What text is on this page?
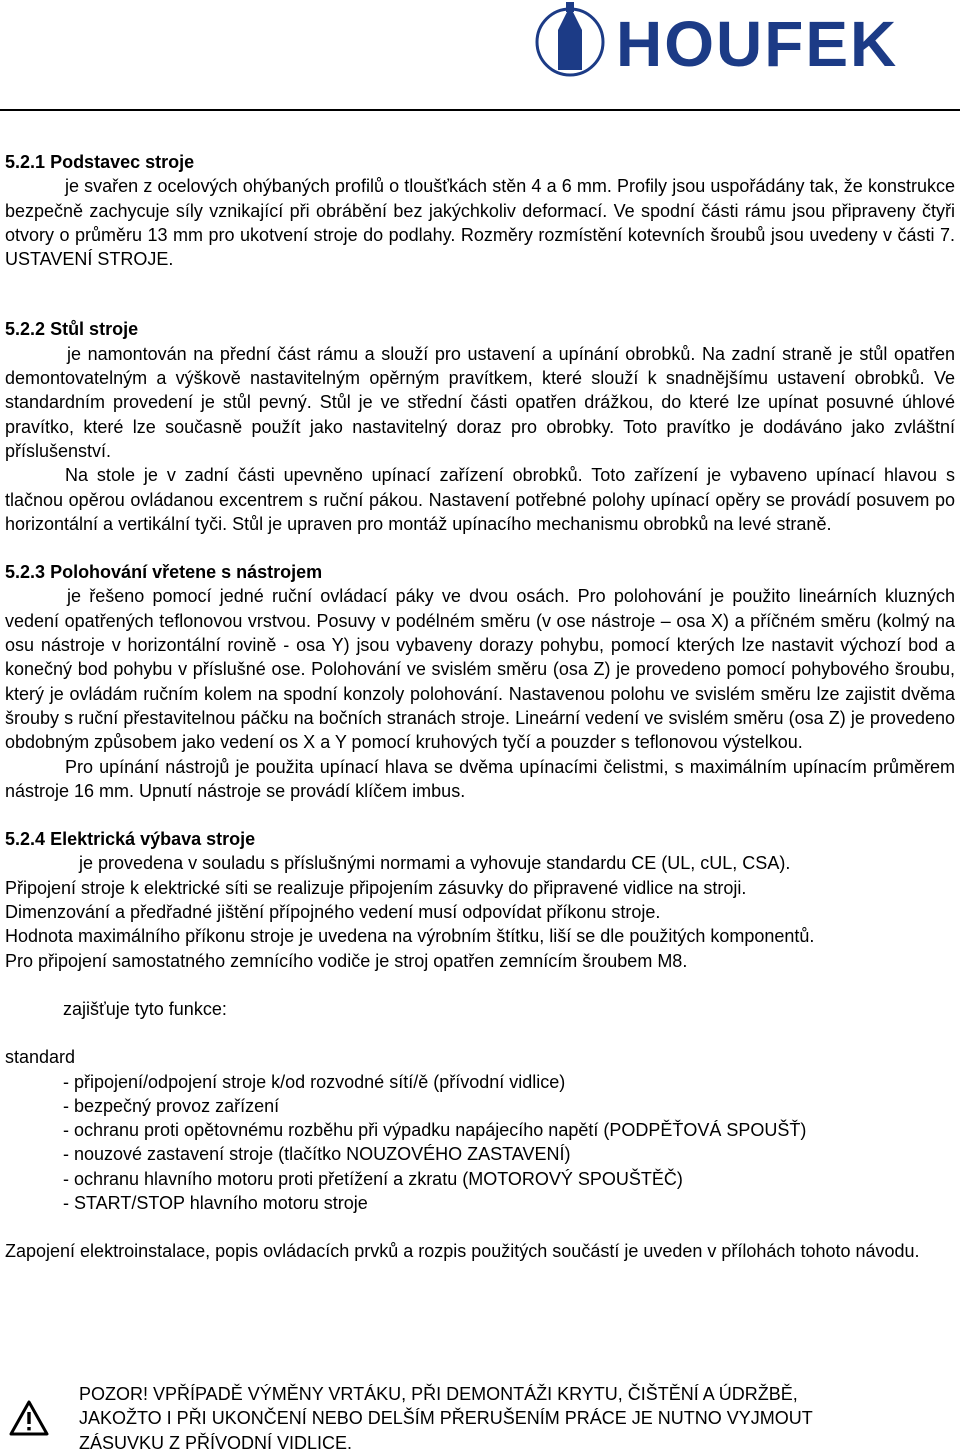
HOUFEK
5.2.1 Podstavec stroje

je svařen z ocelových ohýbaných profilů o tloušťkách stěn 4 a 6 mm. Profily jsou uspořádány tak, že konstrukce bezpečně zachycuje síly vznikající při obrábění bez jakýchkoliv deformací. Ve spodní části rámu jsou připraveny čtyři otvory o průměru 13 mm pro ukotvení stroje do podlahy. Rozměry rozmístění kotevních šroubů jsou uvedeny v části 7. USTAVENÍ STROJE.

5.2.2 Stůl stroje

je namontován na přední část rámu a slouží pro ustavení a upínání obrobků. Na zadní straně je stůl opatřen demontovatelným a výškově nastavitelným opěrným pravítkem, které slouží k snadnějšímu ustavení obrobků. Ve standardním provedení je stůl pevný. Stůl je ve střední části opatřen drážkou, do které lze upínat posuvné úhlové pravítko, které lze současně použít jako nastavitelný doraz pro obrobky. Toto pravítko je dodáváno jako zvláštní příslušenství.

Na stole je v zadní části upevněno upínací zařízení obrobků. Toto zařízení je vybaveno upínací hlavou s tlačnou opěrou ovládanou excentrem s ruční pákou. Nastavení potřebné polohy upínací opěry se provádí posuvem po horizontální a vertikální tyči. Stůl je upraven pro montáž upínacího mechanismu obrobků na levé straně.

5.2.3 Polohování vřetene s nástrojem

je řešeno pomocí jedné ruční ovládací páky ve dvou osách. Pro polohování je použito lineárních kluzných vedení opatřených teflonovou vrstvou. Posuvy v podélném směru (v ose nástroje – osa X) a příčném směru (kolmý na osu nástroje v horizontální rovině - osa Y) jsou vybaveny dorazy pohybu, pomocí kterých lze nastavit výchozí bod a konečný bod pohybu v příslušné ose. Polohování ve svislém směru (osa Z) je provedeno pomocí pohybového šroubu, který je ovládám ručním kolem na spodní konzoly polohování. Nastavenou polohu ve svislém směru lze zajistit dvěma šrouby s ruční přestavitelnou páčku na bočních stranách stroje. Lineární vedení ve svislém směru (osa Z) je provedeno obdobným způsobem jako vedení os X a Y pomocí kruhových tyčí a pouzder s teflonovou výstelkou.

Pro upínání nástrojů je použita upínací hlava se dvěma upínacími čelistmi, s maximálním upínacím průměrem nástroje 16 mm. Upnutí nástroje se provádí klíčem imbus.

5.2.4 Elektrická výbava stroje
je provedena v souladu s příslušnými normami a vyhovuje standardu CE (UL, cUL, CSA).
Připojení stroje k elektrické síti se realizuje připojením zásuvky do připravené vidlice na stroji.
Dimenzování a předřadné jištění přípojného vedení musí odpovídat příkonu stroje.
Hodnota maximálního příkonu stroje je uvedena na výrobním štítku, liší se dle použitých komponentů.
Pro připojení samostatného zemnícího vodiče je stroj opatřen zemnícím šroubem M8.
zajišťuje tyto funkce:
standard
- připojení/odpojení stroje k/od rozvodné sítí/ě (přívodní vidlice)
- bezpečný provoz zařízení
- ochranu proti opětovnému rozběhu při výpadku napájecího napětí (PODPĚŤOVÁ SPOUŠŤ)
- nouzové zastavení stroje (tlačítko NOUZOVÉHO ZASTAVENÍ)
- ochranu hlavního motoru proti přetížení a zkratu (MOTOROVÝ SPOUŠTĚČ)
- START/STOP hlavního motoru stroje

Zapojení elektroinstalace, popis ovládacích prvků a rozpis použitých součástí je uveden v přílohách tohoto návodu.

POZOR! VPŘÍPADĚ VÝMĚNY VRTÁKU, PŘI DEMONTÁŽI KRYTU, ČIŠTĚNÍ A ÚDRŽBĚ,
JAKOŽTO I PŘI UKONČENÍ NEBO DELŠÍM PŘERUŠENÍM PRÁCE JE NUTNO VYJMOUT
ZÁSUVKU Z PŘÍVODNÍ VIDLICE.
